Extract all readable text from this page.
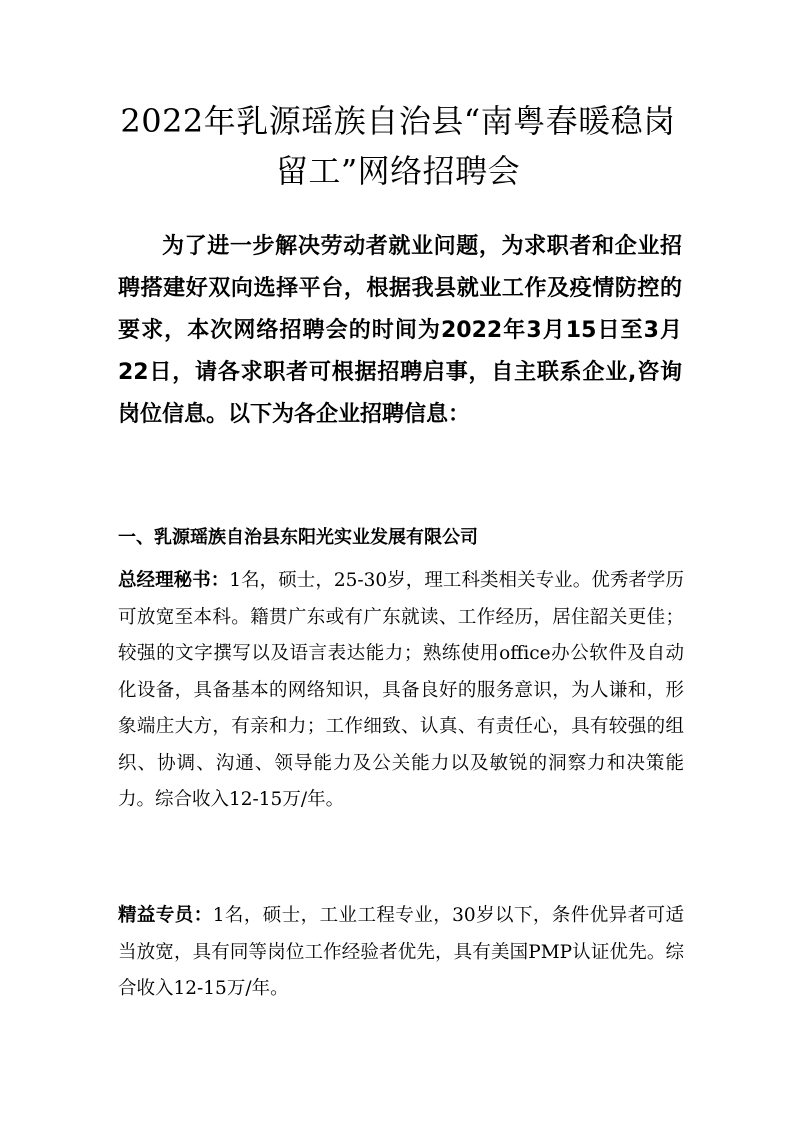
2022年乳源瑶族自治县“南粤春暖稳岗留工”网络招聘会

为了进一步解决劳动者就业问题，为求职者和企业招聘搭建好双向选择平台，根据我县就业工作及疫情防控的要求，本次网络招聘会的时间为2022年3月15日至3月22日，请各求职者可根据招聘启事，自主联系企业,咨询岗位信息。以下为各企业招聘信息：

一、乳源瑶族自治县东阳光实业发展有限公司

总经理秘书：1名，硕士，25-30岁，理工科类相关专业。优秀者学历可放宽至本科。籍贯广东或有广东就读、工作经历，居住韶关更佳；较强的文字撰写以及语言表达能力；熟练使用office办公软件及自动化设备，具备基本的网络知识，具备良好的服务意识，为人谦和，形象端庄大方，有亲和力；工作细致、认真、有责任心，具有较强的组织、协调、沟通、领导能力及公关能力以及敏锐的洞察力和决策能力。综合收入12-15万/年。

精益专员：1名，硕士，工业工程专业，30岁以下，条件优异者可适当放宽，具有同等岗位工作经验者优先，具有美国PMP认证优先。综合收入12-15万/年。
